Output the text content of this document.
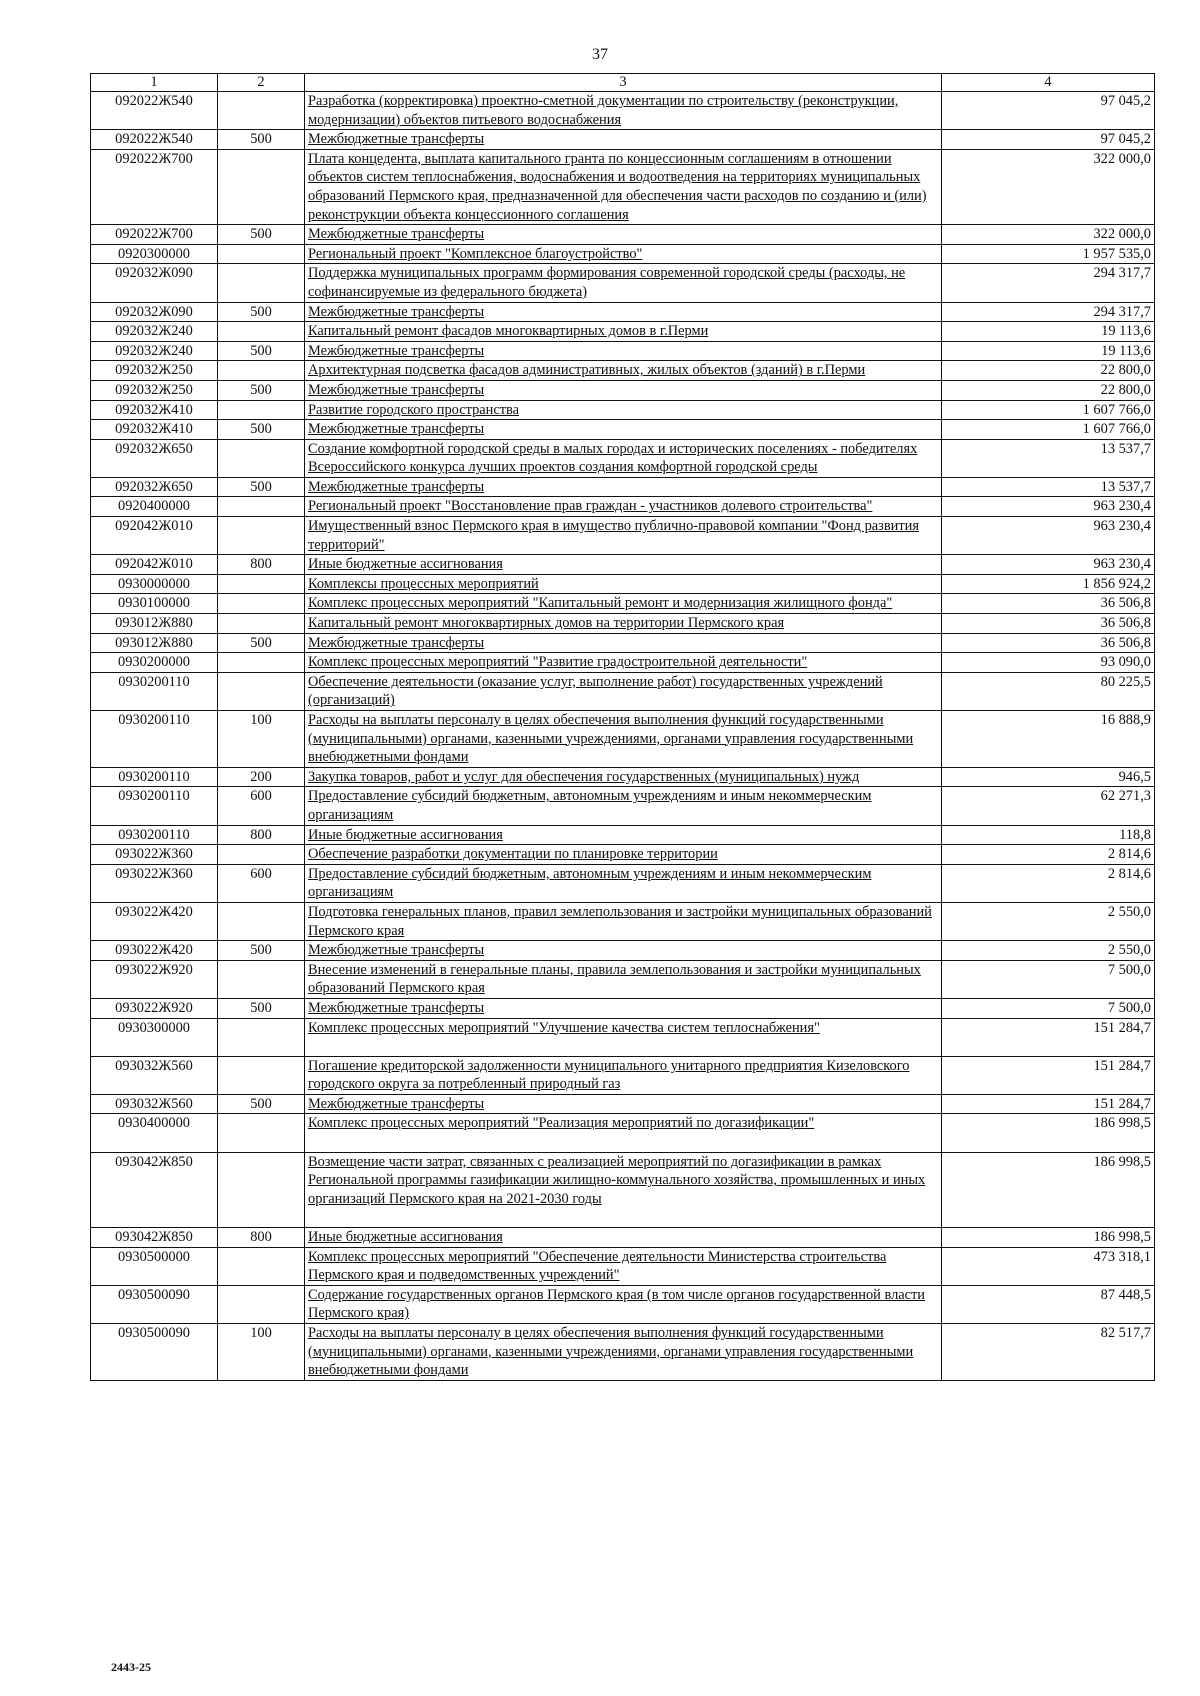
37
1	2	3	4
092022Ж540		Разработка (корректировка) проектно-сметной документации по строительству (реконструкции, модернизации) объектов питьевого водоснабжения	97 045,2
092022Ж540	500	Межбюджетные трансферты	97 045,2
092022Ж700		Плата концедента, выплата капитального гранта по концессионным соглашениям в отношении объектов систем теплоснабжения, водоснабжения и водоотведения на территориях муниципальных образований Пермского края, предназначенной для обеспечения части расходов по созданию и (или) реконструкции объекта концессионного соглашения	322 000,0
092022Ж700	500	Межбюджетные трансферты	322 000,0
0920300000		Региональный проект "Комплексное благоустройство"	1 957 535,0
092032Ж090		Поддержка муниципальных программ формирования современной городской среды (расходы, не софинансируемые из федерального бюджета)	294 317,7
092032Ж090	500	Межбюджетные трансферты	294 317,7
092032Ж240		Капитальный ремонт фасадов многоквартирных домов в г.Перми	19 113,6
092032Ж240	500	Межбюджетные трансферты	19 113,6
092032Ж250		Архитектурная подсветка фасадов административных, жилых объектов (зданий) в г.Перми	22 800,0
092032Ж250	500	Межбюджетные трансферты	22 800,0
092032Ж410		Развитие городского пространства	1 607 766,0
092032Ж410	500	Межбюджетные трансферты	1 607 766,0
092032Ж650		Создание комфортной городской среды в малых городах и исторических поселениях - победителях Всероссийского конкурса лучших проектов создания комфортной городской среды	13 537,7
092032Ж650	500	Межбюджетные трансферты	13 537,7
0920400000		Региональный проект "Восстановление прав граждан - участников долевого строительства"	963 230,4
092042Ж010		Имущественный взнос Пермского края в имущество публично-правовой компании "Фонд развития территорий"	963 230,4
092042Ж010	800	Иные бюджетные ассигнования	963 230,4
0930000000		Комплексы процессных мероприятий	1 856 924,2
0930100000		Комплекс процессных мероприятий "Капитальный ремонт и модернизация жилищного фонда"	36 506,8
093012Ж880		Капитальный ремонт многоквартирных домов на территории Пермского края	36 506,8
093012Ж880	500	Межбюджетные трансферты	36 506,8
0930200000		Комплекс процессных мероприятий "Развитие градостроительной деятельности"	93 090,0
0930200110		Обеспечение деятельности (оказание услуг, выполнение работ) государственных учреждений (организаций)	80 225,5
0930200110	100	Расходы на выплаты персоналу в целях обеспечения выполнения функций государственными (муниципальными) органами, казенными учреждениями, органами управления государственными внебюджетными фондами	16 888,9
0930200110	200	Закупка товаров, работ и услуг для обеспечения государственных (муниципальных) нужд	946,5
0930200110	600	Предоставление субсидий бюджетным, автономным учреждениям и иным некоммерческим организациям	62 271,3
0930200110	800	Иные бюджетные ассигнования	118,8
093022Ж360		Обеспечение разработки документации по планировке территории	2 814,6
093022Ж360	600	Предоставление субсидий бюджетным, автономным учреждениям и иным некоммерческим организациям	2 814,6
093022Ж420		Подготовка генеральных планов, правил землепользования и застройки муниципальных образований Пермского края	2 550,0
093022Ж420	500	Межбюджетные трансферты	2 550,0
093022Ж920		Внесение изменений в генеральные планы, правила землепользования и застройки муниципальных образований Пермского края	7 500,0
093022Ж920	500	Межбюджетные трансферты	7 500,0
0930300000		Комплекс процессных мероприятий "Улучшение качества систем теплоснабжения"	151 284,7
093032Ж560		Погашение кредиторской задолженности муниципального унитарного предприятия Кизеловского городского округа за потребленный природный газ	151 284,7
093032Ж560	500	Межбюджетные трансферты	151 284,7
0930400000		Комплекс процессных мероприятий "Реализация мероприятий по догазификации"	186 998,5
093042Ж850		Возмещение части затрат, связанных с реализацией мероприятий по догазификации в рамках Региональной программы газификации жилищно-коммунального хозяйства, промышленных и иных организаций Пермского края на 2021-2030 годы	186 998,5
093042Ж850	800	Иные бюджетные ассигнования	186 998,5
0930500000		Комплекс процессных мероприятий "Обеспечение деятельности Министерства строительства Пермского края и подведомственных учреждений"	473 318,1
0930500090		Содержание государственных органов Пермского края (в том числе органов государственной власти Пермского края)	87 448,5
0930500090	100	Расходы на выплаты персоналу в целях обеспечения выполнения функций государственными (муниципальными) органами, казенными учреждениями, органами управления государственными внебюджетными фондами	82 517,7
2443-25
